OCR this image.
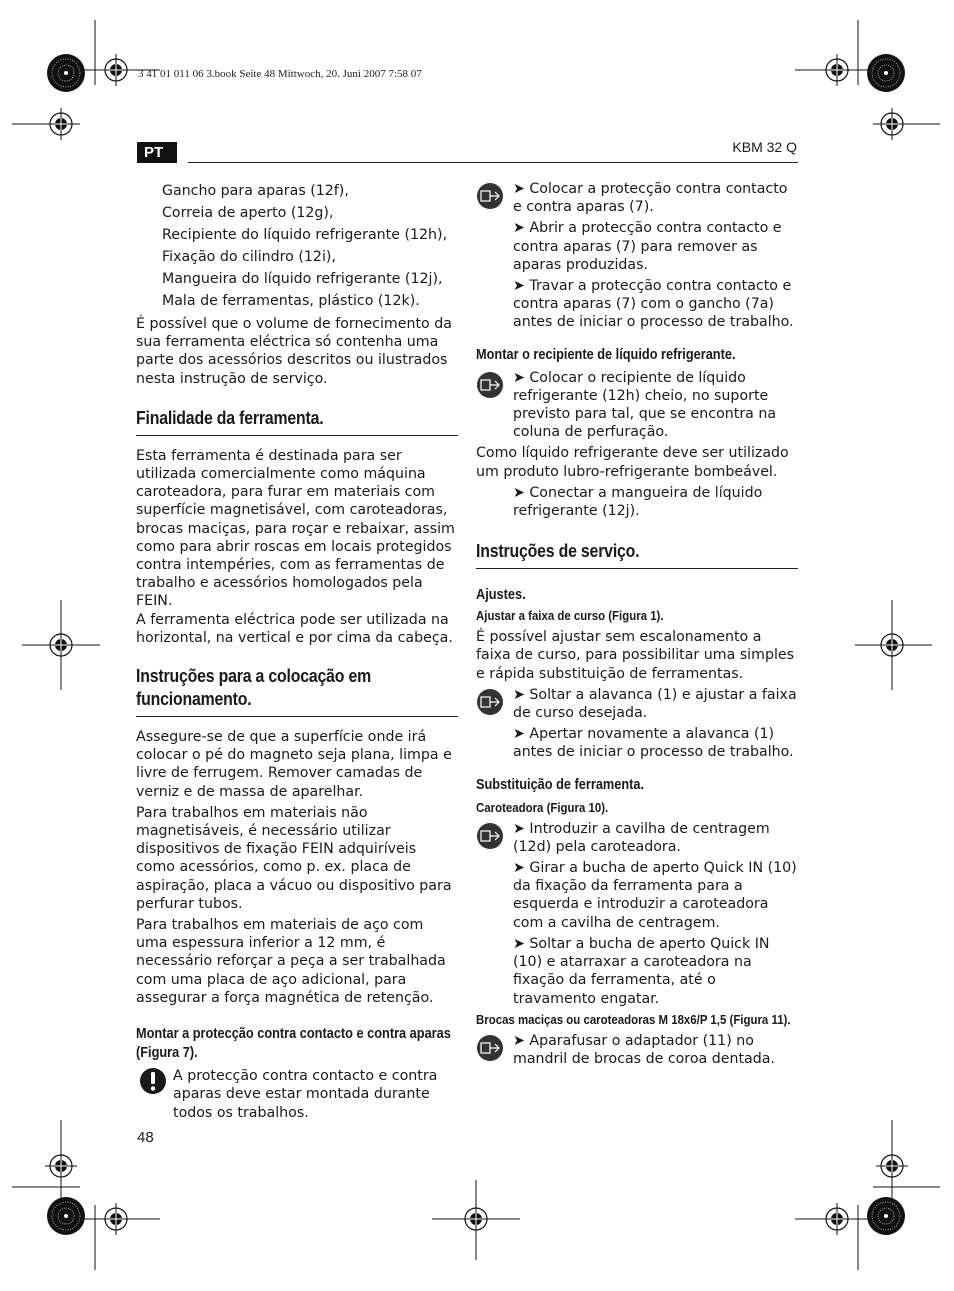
3 41 01 011 06 3.book Seite 48 Mittwoch, 20. Juni 2007 7:58 07
PT	KBM 32 Q

Gancho para aparas (12f),

Correia de aperto (12g),

Recipiente do líquido refrigerante (12h),

Fixação do cilindro (12i),

Mangueira do líquido refrigerante (12j),

Mala de ferramentas, plástico (12k).

É possível que o volume de fornecimento da sua ferramenta eléctrica só contenha uma parte dos acessórios descritos ou ilustrados nesta instrução de serviço.

Finalidade da ferramenta.

Esta ferramenta é destinada para ser utilizada comercialmente como máquina caroteadora, para furar em materiais com superfície magnetisável, com caroteadoras, brocas maciças, para roçar e rebaixar, assim como para abrir roscas em locais protegidos contra intempéries, com as ferramentas de trabalho e acessórios homologados pela FEIN.

A ferramenta eléctrica pode ser utilizada na horizontal, na vertical e por cima da cabeça.

Instruções para a colocação em funcionamento.

Assegure-se de que a superfície onde irá colocar o pé do magneto seja plana, limpa e livre de ferrugem. Remover camadas de verniz e de massa de aparelhar.

Para trabalhos em materiais não magnetisáveis, é necessário utilizar dispositivos de fixação FEIN adquiríveis como acessórios, como p. ex. placa de aspiração, placa a vácuo ou dispositivo para perfurar tubos.

Para trabalhos em materiais de aço com uma espessura inferior a 12 mm, é necessário reforçar a peça a ser trabalhada com uma placa de aço adicional, para assegurar a força magnética de retenção.

Montar a protecção contra contacto e contra aparas (Figura 7).

A protecção contra contacto e contra aparas deve estar montada durante todos os trabalhos.

➤ Colocar a protecção contra contacto e contra aparas (7).

➤ Abrir a protecção contra contacto e contra aparas (7) para remover as aparas produzidas.

➤ Travar a protecção contra contacto e contra aparas (7) com o gancho (7a) antes de iniciar o processo de trabalho.

Montar o recipiente de líquido refrigerante.

➤ Colocar o recipiente de líquido refrigerante (12h) cheio, no suporte previsto para tal, que se encontra na coluna de perfuração.

Como líquido refrigerante deve ser utilizado um produto lubro-refrigerante bombeável.

➤ Conectar a mangueira de líquido refrigerante (12j).

Instruções de serviço.
Ajustes.
Ajustar a faixa de curso (Figura 1).

É possível ajustar sem escalonamento a faixa de curso, para possibilitar uma simples e rápida substituição de ferramentas.

➤ Soltar a alavanca (1) e ajustar a faixa de curso desejada.

➤ Apertar novamente a alavanca (1) antes de iniciar o processo de trabalho.

Substituição de ferramenta.
Caroteadora (Figura 10).

➤ Introduzir a cavilha de centragem (12d) pela caroteadora.

➤ Girar a bucha de aperto Quick IN (10) da fixação da ferramenta para a esquerda e introduzir a caroteadora com a cavilha de centragem.

➤ Soltar a bucha de aperto Quick IN (10) e atarraxar a caroteadora na fixação da ferramenta, até o travamento engatar.

Brocas maciças ou caroteadoras M 18x6/P 1,5 (Figura 11).

➤ Aparafusar o adaptador (11) no mandril de brocas de coroa dentada.

48
